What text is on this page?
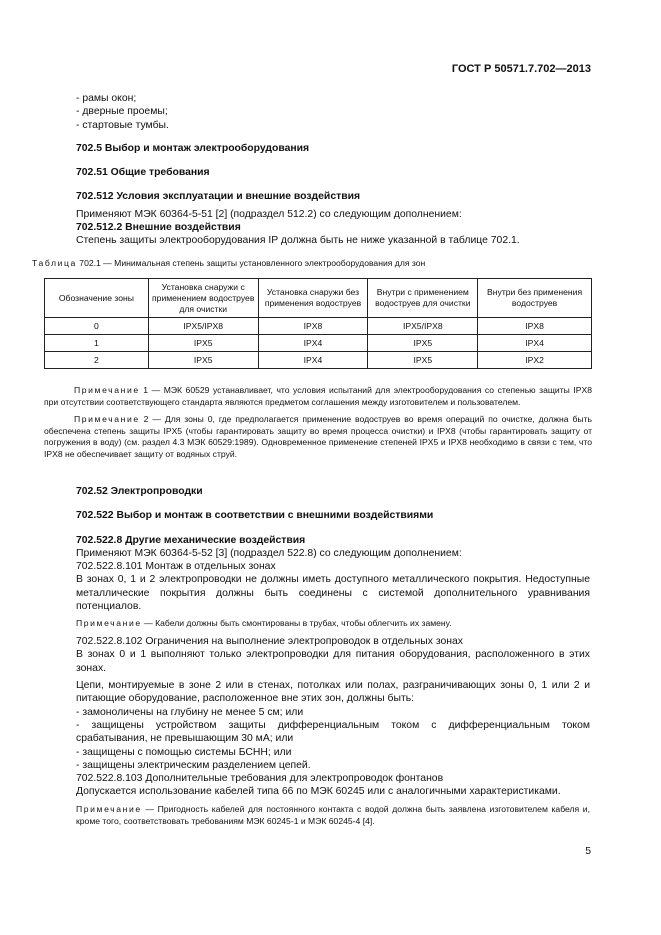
ГОСТ Р 50571.7.702—2013

- рамы окон;

- дверные проемы;

- стартовые тумбы.

702.5 Выбор и монтаж электрооборудования

702.51 Общие требования

702.512 Условия эксплуатации и внешние воздействия

Применяют МЭК 60364-5-51 [2] (подраздел 512.2) со следующим дополнением:

702.512.2 Внешние воздействия

Степень защиты электрооборудования IP должна быть не ниже указанной в таблице 702.1.

Таблица 702.1 — Минимальная степень защиты установленного электрооборудования для зон
Обозначение зоны	Установка снаружи с применением водоструев для очистки	Установка снаружи без применения водоструев	Внутри с применением водоструев для очистки	Внутри без применения водоструев
0	IPX5/IPX8	IPX8	IPX5/IPX8	IPX8
1	IPX5	IPX4	IPX5	IPX4
2	IPX5	IPX4	IPX5	IPX2

Примечание 1 — МЭК 60529 устанавливает, что условия испытаний для электрооборудования со степенью защиты IPX8 при отсутствии соответствующего стандарта являются предметом соглашения между изготовителем и пользователем.

Примечание 2 — Для зоны 0, где предполагается применение водоструев во время операций по очистке, должна быть обеспечена степень защиты IPX5 (чтобы гарантировать защиту во время процесса очистки) и IPX8 (чтобы гарантировать защиту от погружения в воду) (см. раздел 4.3 МЭК 60529:1989). Одновременное применение степеней IPX5 и IPX8 необходимо в связи с тем, что IPX8 не обеспечивает защиту от водяных струй.

702.52 Электропроводки

702.522 Выбор и монтаж в соответствии с внешними воздействиями

702.522.8 Другие механические воздействия

Применяют МЭК 60364-5-52 [3] (подраздел 522.8) со следующим дополнением:

702.522.8.101 Монтаж в отдельных зонах

В зонах 0, 1 и 2 электропроводки не должны иметь доступного металлического покрытия. Недоступные металлические покрытия должны быть соединены с системой дополнительного уравнивания потенциалов.

Примечание — Кабели должны быть смонтированы в трубах, чтобы облегчить их замену.

702.522.8.102 Ограничения на выполнение электропроводок в отдельных зонах

В зонах 0 и 1 выполняют только электропроводки для питания оборудования, расположенного в этих зонах.

Цепи, монтируемые в зоне 2 или в стенах, потолках или полах, разграничивающих зоны 0, 1 или 2 и питающие оборудование, расположенное вне этих зон, должны быть:

- замоноличены на глубину не менее 5 см; или

- защищены устройством защиты дифференциальным током с дифференциальным током срабатывания, не превышающим 30 мА; или

- защищены с помощью системы БСНН; или

- защищены электрическим разделением цепей.

702.522.8.103 Дополнительные требования для электропроводок фонтанов

Допускается использование кабелей типа 66 по МЭК 60245 или с аналогичными характеристиками.

Примечание — Пригодность кабелей для постоянного контакта с водой должна быть заявлена изготовителем кабеля и, кроме того, соответствовать требованиям МЭК 60245-1 и МЭК 60245-4 [4].

5
